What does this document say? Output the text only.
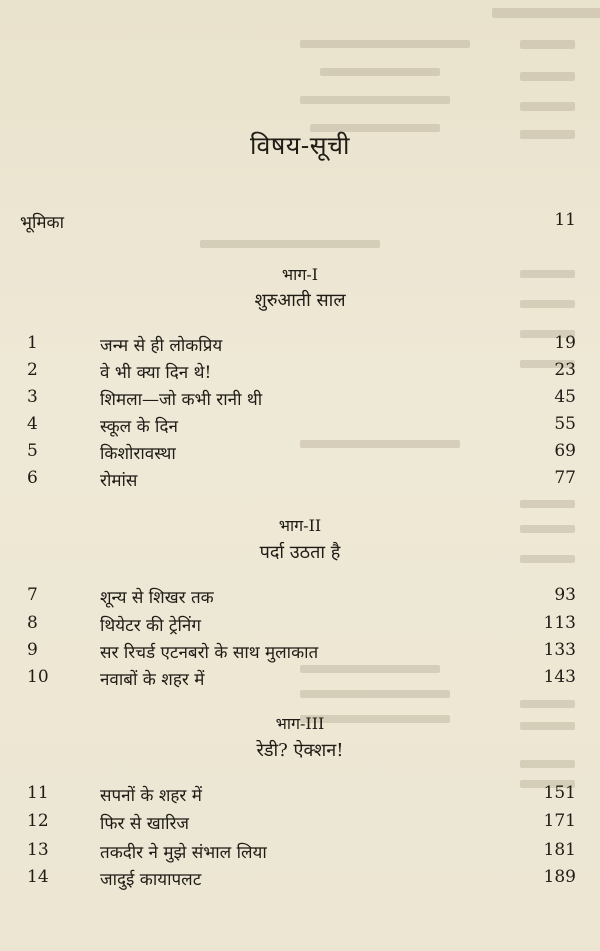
विषय-सूची
भूमिका	11
भाग-I
शुरुआती साल
1	जन्म से ही लोकप्रिय	19
2	वे भी क्या दिन थे!	23
3	शिमला—जो कभी रानी थी	45
4	स्कूल के दिन	55
5	किशोरावस्था	69
6	रोमांस	77
भाग-II
पर्दा उठता है
7	शून्य से शिखर तक	93
8	थियेटर की ट्रेनिंग	113
9	सर रिचर्ड एटनबरो के साथ मुलाकात	133
10	नवाबों के शहर में	143
भाग-III
रेडी? ऐक्शन!
11	सपनों के शहर में	151
12	फिर से खारिज	171
13	तकदीर ने मुझे संभाल लिया	181
14	जादुई कायापलट	189
